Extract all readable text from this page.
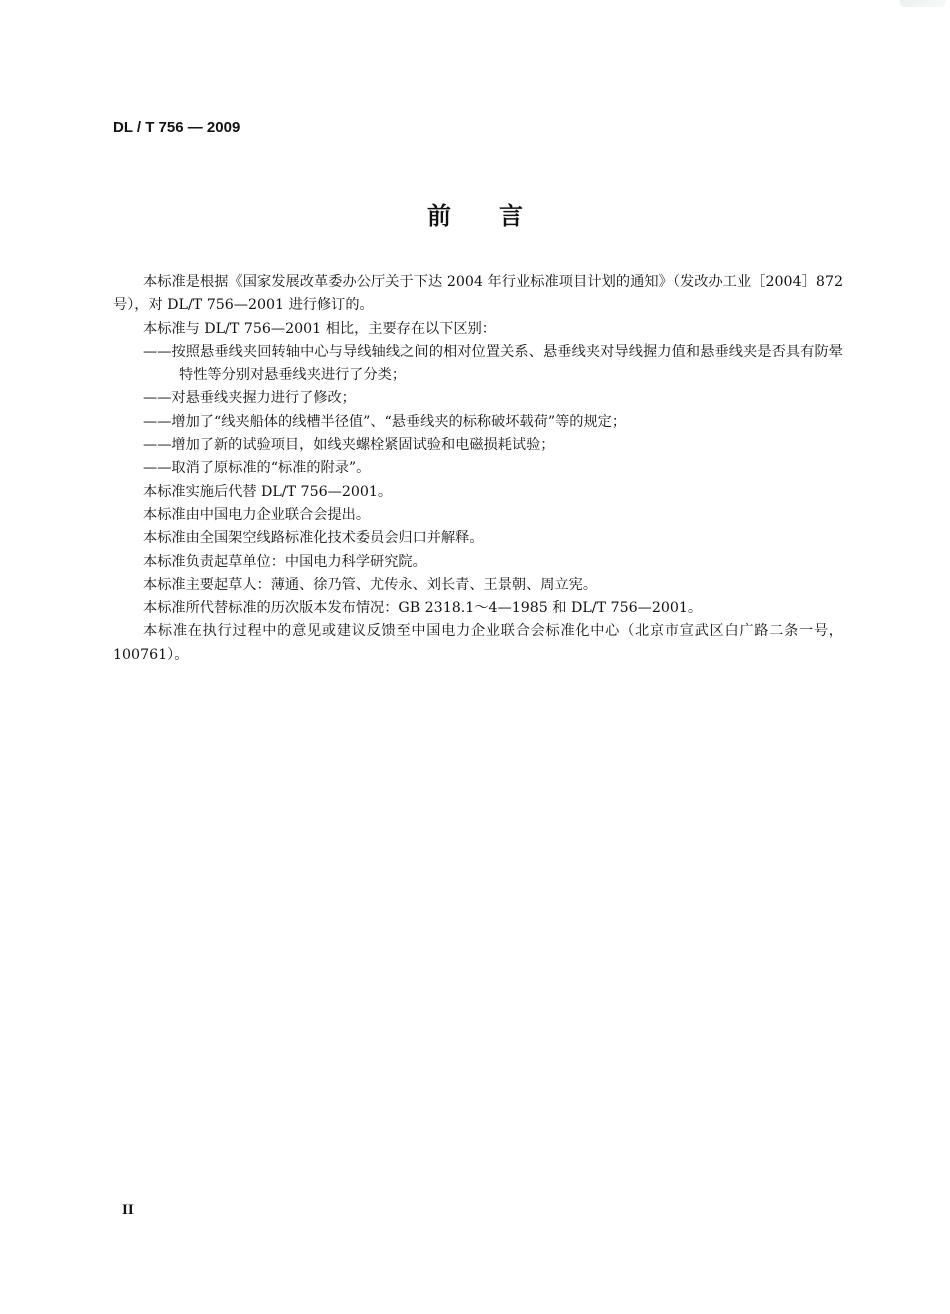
DL / T 756 — 2009
前言

本标准是根据《国家发展改革委办公厅关于下达 2004 年行业标准项目计划的通知》（发改办工业［2004］872 号），对 DL/T 756—2001 进行修订的。

本标准与 DL/T 756—2001 相比，主要存在以下区别：

——按照悬垂线夹回转轴中心与导线轴线之间的相对位置关系、悬垂线夹对导线握力值和悬垂线夹是否具有防晕特性等分别对悬垂线夹进行了分类；

——对悬垂线夹握力进行了修改；

——增加了“线夹船体的线槽半径值”、“悬垂线夹的标称破坏载荷”等的规定；

——增加了新的试验项目，如线夹螺栓紧固试验和电磁损耗试验；

——取消了原标准的“标准的附录”。

本标准实施后代替 DL/T 756—2001。

本标准由中国电力企业联合会提出。

本标准由全国架空线路标准化技术委员会归口并解释。

本标准负责起草单位：中国电力科学研究院。

本标准主要起草人：薄通、徐乃管、尤传永、刘长青、王景朝、周立宪。

本标准所代替标准的历次版本发布情况：GB 2318.1～4—1985 和 DL/T 756—2001。

本标准在执行过程中的意见或建议反馈至中国电力企业联合会标准化中心（北京市宣武区白广路二条一号，100761）。

II
